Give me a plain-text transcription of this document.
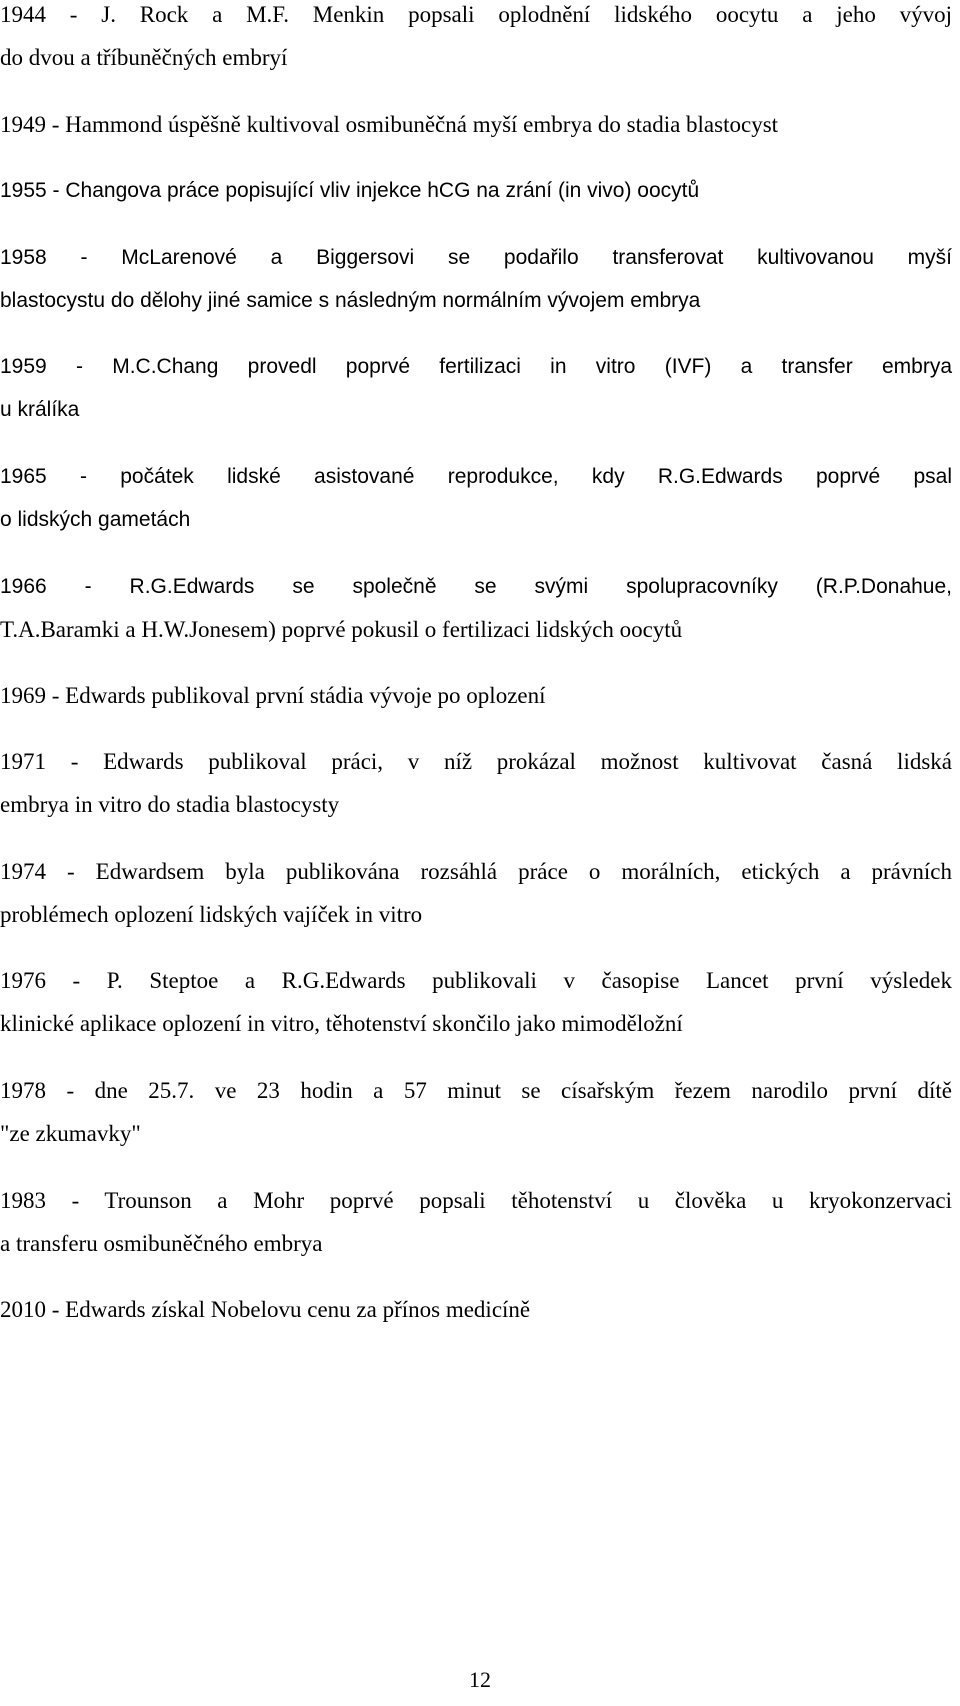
1944 - J. Rock a M.F. Menkin popsali oplodnění lidského oocytu a jeho vývoj
do dvou a tříbuněčných embryí

1949 - Hammond úspěšně kultivoval osmibuněčná myší embrya do stadia blastocyst

1955 - Changova práce popisující vliv injekce hCG na zrání (in vivo) oocytů

1958 - McLarenové a Biggersovi se podařilo transferovat kultivovanou myší
blastocystu do dělohy jiné samice s následným normálním vývojem embrya

1959 - M.C.Chang provedl poprvé fertilizaci in vitro (IVF) a transfer embrya
u králíka

1965 - počátek lidské asistované reprodukce, kdy R.G.Edwards poprvé psal
o lidských gametách

1966 - R.G.Edwards se společně se svými spolupracovníky (R.P.Donahue,
T.A.Baramki a H.W.Jonesem) poprvé pokusil o fertilizaci lidských oocytů

1969 - Edwards publikoval první stádia vývoje po oplození

1971 - Edwards publikoval práci, v níž prokázal možnost kultivovat časná lidská
embrya in vitro do stadia blastocysty

1974 - Edwardsem byla publikována rozsáhlá práce o morálních, etických a právních
problémech oplození lidských vajíček in vitro

1976 - P. Steptoe a R.G.Edwards publikovali v časopise Lancet první výsledek
klinické aplikace oplození in vitro, těhotenství skončilo jako mimoděložní

1978 - dne 25.7. ve 23 hodin a 57 minut se císařským řezem narodilo první dítě
"ze zkumavky"

1983 - Trounson a Mohr poprvé popsali těhotenství u člověka u kryokonzervaci
a transferu osmibuněčného embrya

2010 - Edwards získal Nobelovu cenu za přínos medicíně

12
